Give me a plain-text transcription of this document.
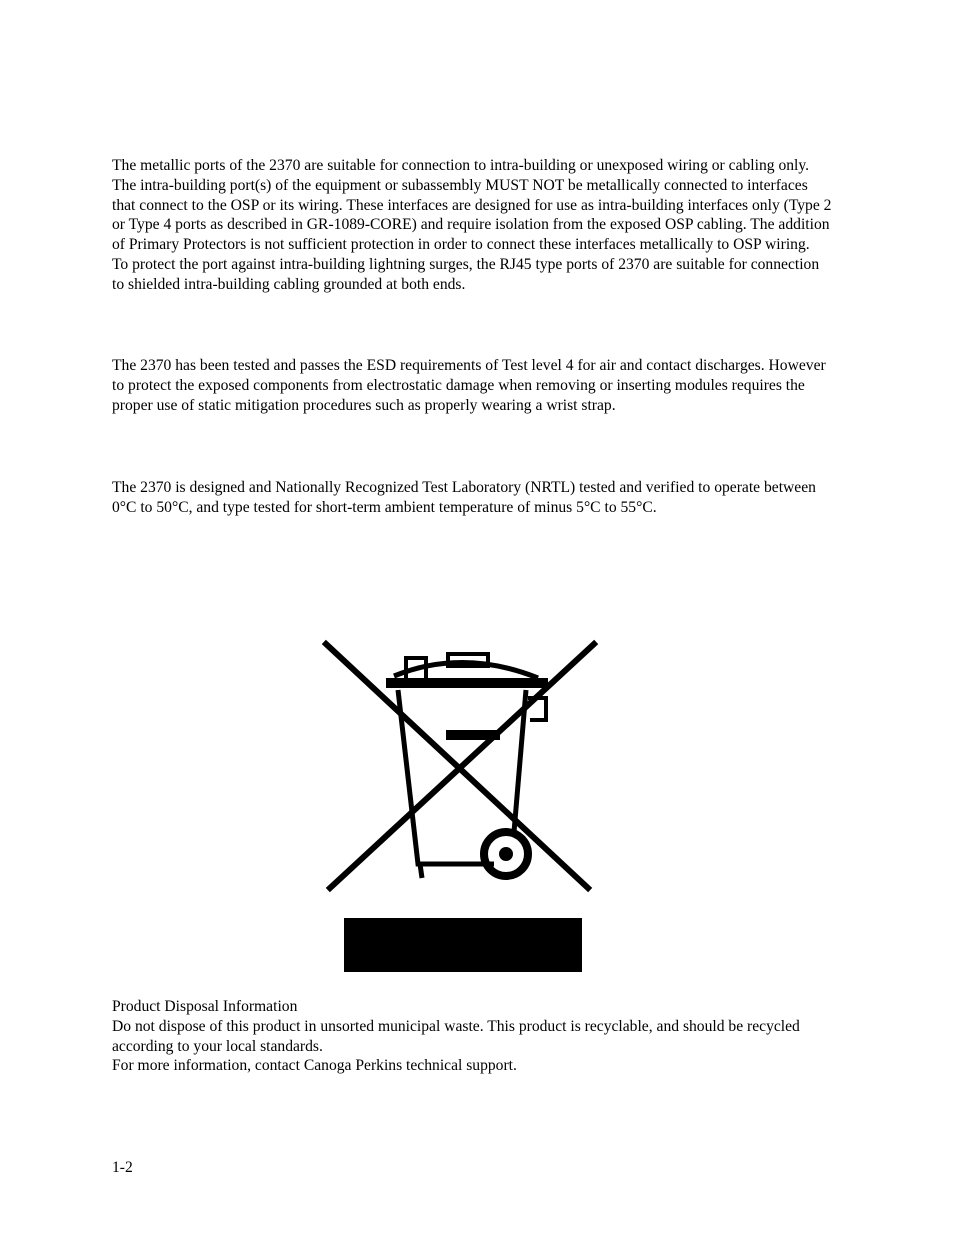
The metallic ports of the 2370 are suitable for connection to intra-building or unexposed wiring or cabling only. The intra-building port(s) of the equipment or subassembly MUST NOT be metallically connected to interfaces that connect to the OSP or its wiring. These interfaces are designed for use as intra-building interfaces only (Type 2 or Type 4 ports as described in GR-1089-CORE) and require isolation from the exposed OSP cabling. The addition of Primary Protectors is not sufficient protection in order to connect these interfaces metallically to OSP wiring.

To protect the port against intra-building lightning surges, the RJ45 type ports of 2370 are suitable for connection to shielded intra-building cabling grounded at both ends.

The 2370 has been tested and passes the ESD requirements of Test level 4 for air and contact discharges. However to protect the exposed components from electrostatic damage when removing or inserting modules requires the proper use of static mitigation procedures such as properly wearing a wrist strap.

The 2370 is designed and Nationally Recognized Test Laboratory (NRTL) tested and verified to operate between 0°C to 50°C, and type tested for short-term ambient temperature of minus 5°C to 55°C.

Product Disposal Information

Do not dispose of this product in unsorted municipal waste. This product is recyclable, and should be recycled according to your local standards.

For more information, contact Canoga Perkins technical support.

1-2
